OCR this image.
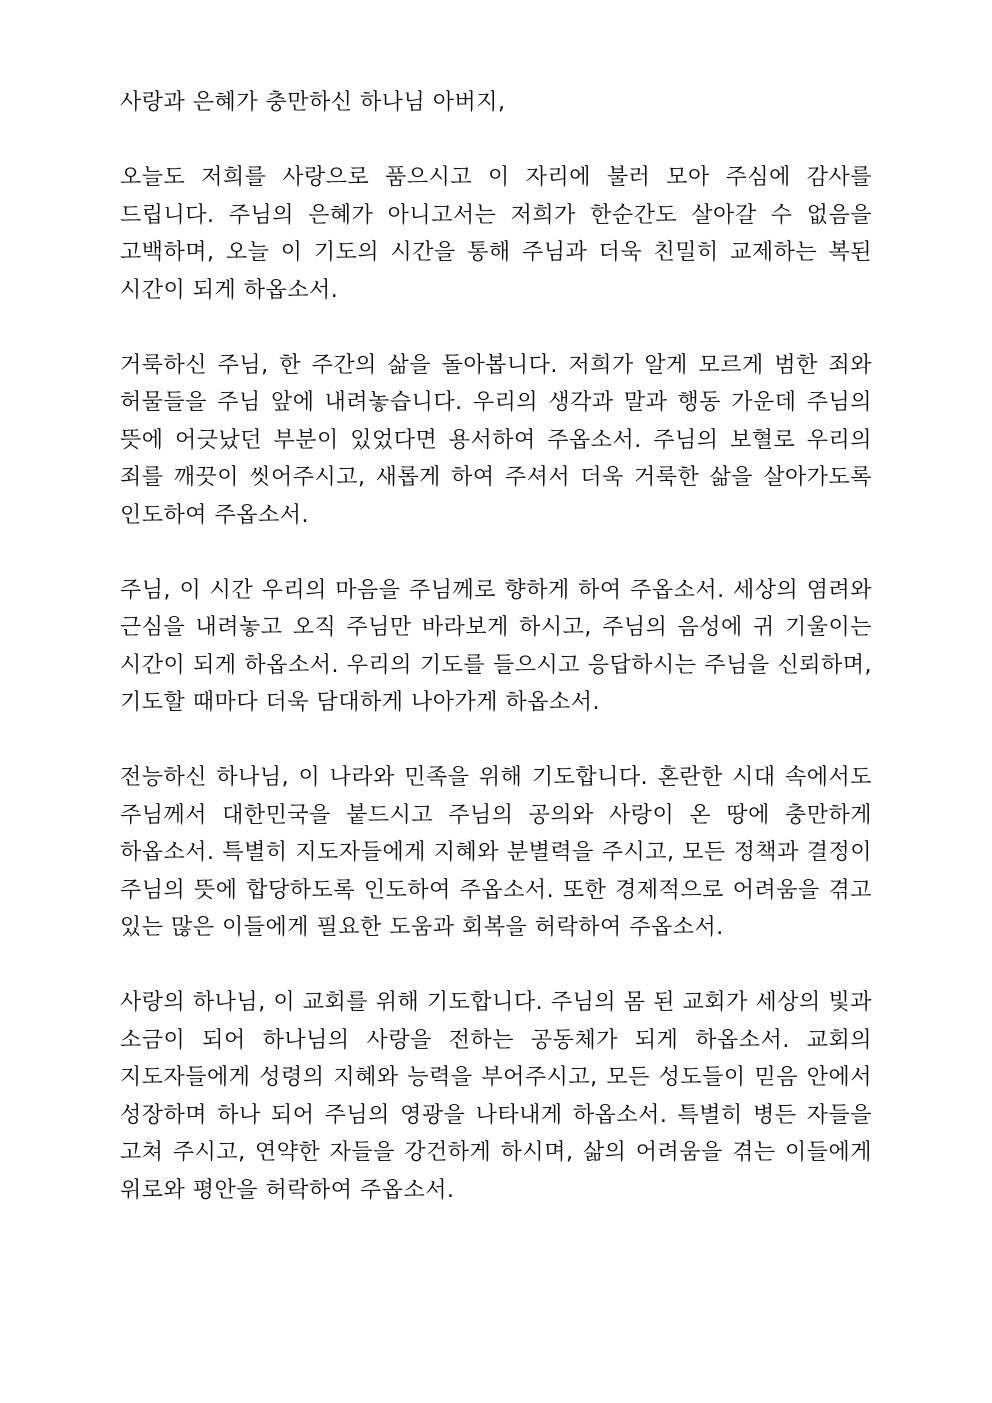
사랑과 은혜가 충만하신 하나님 아버지,

오늘도 저희를 사랑으로 품으시고 이 자리에 불러 모아 주심에 감사를 드립니다. 주님의 은혜가 아니고서는 저희가 한순간도 살아갈 수 없음을 고백하며, 오늘 이 기도의 시간을 통해 주님과 더욱 친밀히 교제하는 복된 시간이 되게 하옵소서.

거룩하신 주님, 한 주간의 삶을 돌아봅니다. 저희가 알게 모르게 범한 죄와 허물들을 주님 앞에 내려놓습니다. 우리의 생각과 말과 행동 가운데 주님의 뜻에 어긋났던 부분이 있었다면 용서하여 주옵소서. 주님의 보혈로 우리의 죄를 깨끗이 씻어주시고, 새롭게 하여 주셔서 더욱 거룩한 삶을 살아가도록 인도하여 주옵소서.

주님, 이 시간 우리의 마음을 주님께로 향하게 하여 주옵소서. 세상의 염려와 근심을 내려놓고 오직 주님만 바라보게 하시고, 주님의 음성에 귀 기울이는 시간이 되게 하옵소서. 우리의 기도를 들으시고 응답하시는 주님을 신뢰하며, 기도할 때마다 더욱 담대하게 나아가게 하옵소서.

전능하신 하나님, 이 나라와 민족을 위해 기도합니다. 혼란한 시대 속에서도 주님께서 대한민국을 붙드시고 주님의 공의와 사랑이 온 땅에 충만하게 하옵소서. 특별히 지도자들에게 지혜와 분별력을 주시고, 모든 정책과 결정이 주님의 뜻에 합당하도록 인도하여 주옵소서. 또한 경제적으로 어려움을 겪고 있는 많은 이들에게 필요한 도움과 회복을 허락하여 주옵소서.

사랑의 하나님, 이 교회를 위해 기도합니다. 주님의 몸 된 교회가 세상의 빛과 소금이 되어 하나님의 사랑을 전하는 공동체가 되게 하옵소서. 교회의 지도자들에게 성령의 지혜와 능력을 부어주시고, 모든 성도들이 믿음 안에서 성장하며 하나 되어 주님의 영광을 나타내게 하옵소서. 특별히 병든 자들을 고쳐 주시고, 연약한 자들을 강건하게 하시며, 삶의 어려움을 겪는 이들에게 위로와 평안을 허락하여 주옵소서.
